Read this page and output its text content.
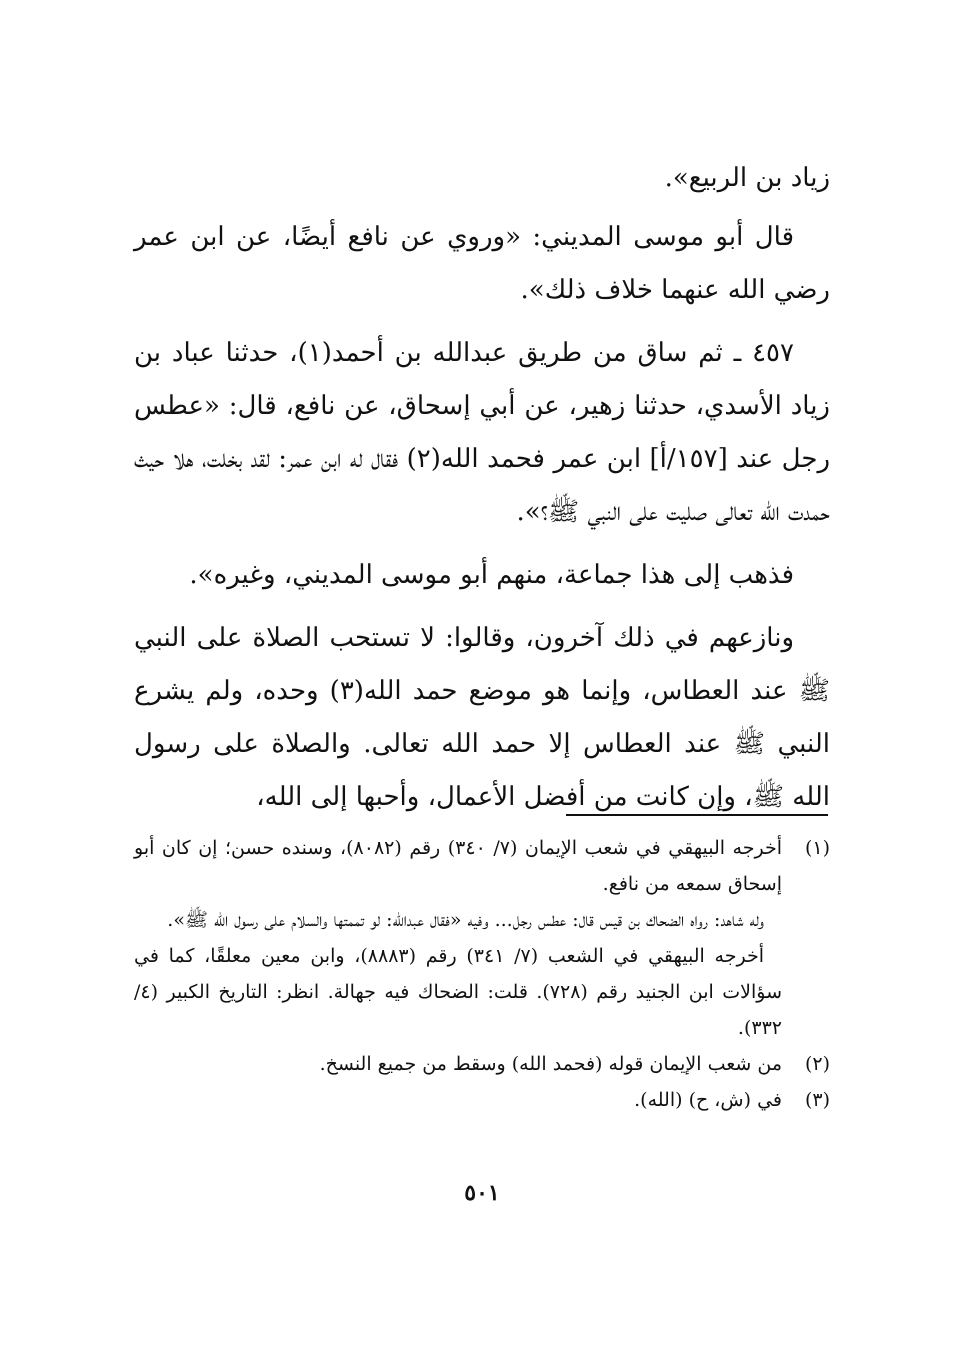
زياد بن الربيع».

قال أبو موسى المديني: «وروي عن نافع أيضًا، عن ابن عمر رضي الله عنهما خلاف ذلك».

٤٥٧ ـ ثم ساق من طريق عبدالله بن أحمد(١)، حدثنا عباد بن زياد الأسدي، حدثنا زهير، عن أبي إسحاق، عن نافع، قال: «عطس رجل عند [١٥٧/أ] ابن عمر فحمد الله(٢) فقال له ابن عمر: لقد بخلت، هلا حيث حمدت الله تعالى صليت على النبي ﷺ؟».

فذهب إلى هذا جماعة، منهم أبو موسى المديني، وغيره».

ونازعهم في ذلك آخرون، وقالوا: لا تستحب الصلاة على النبي ﷺ عند العطاس، وإنما هو موضع حمد الله(٣) وحده، ولم يشرع النبي ﷺ عند العطاس إلا حمد الله تعالى. والصلاة على رسول الله ﷺ، وإن كانت من أفضل الأعمال، وأحبها إلى الله،

(١)

أخرجه البيهقي في شعب الإيمان (٧/ ٣٤٠) رقم (٨٠٨٢)، وسنده حسن؛ إن كان أبو إسحاق سمعه من نافع.

وله شاهد: رواه الضحاك بن قيس قال: عطس رجل... وفيه «فقال عبدالله: لو تممتها والسلام على رسول الله ﷺ».

أخرجه البيهقي في الشعب (٧/ ٣٤١) رقم (٨٨٨٣)، وابن معين معلقًا، كما في سؤالات ابن الجنيد رقم (٧٢٨). قلت: الضحاك فيه جهالة. انظر: التاريخ الكبير (٤/ ٣٣٢).

(٢)

من شعب الإيمان قوله (فحمد الله) وسقط من جميع النسخ.

(٣)

في (ش، ح) (الله).

٥٠١
